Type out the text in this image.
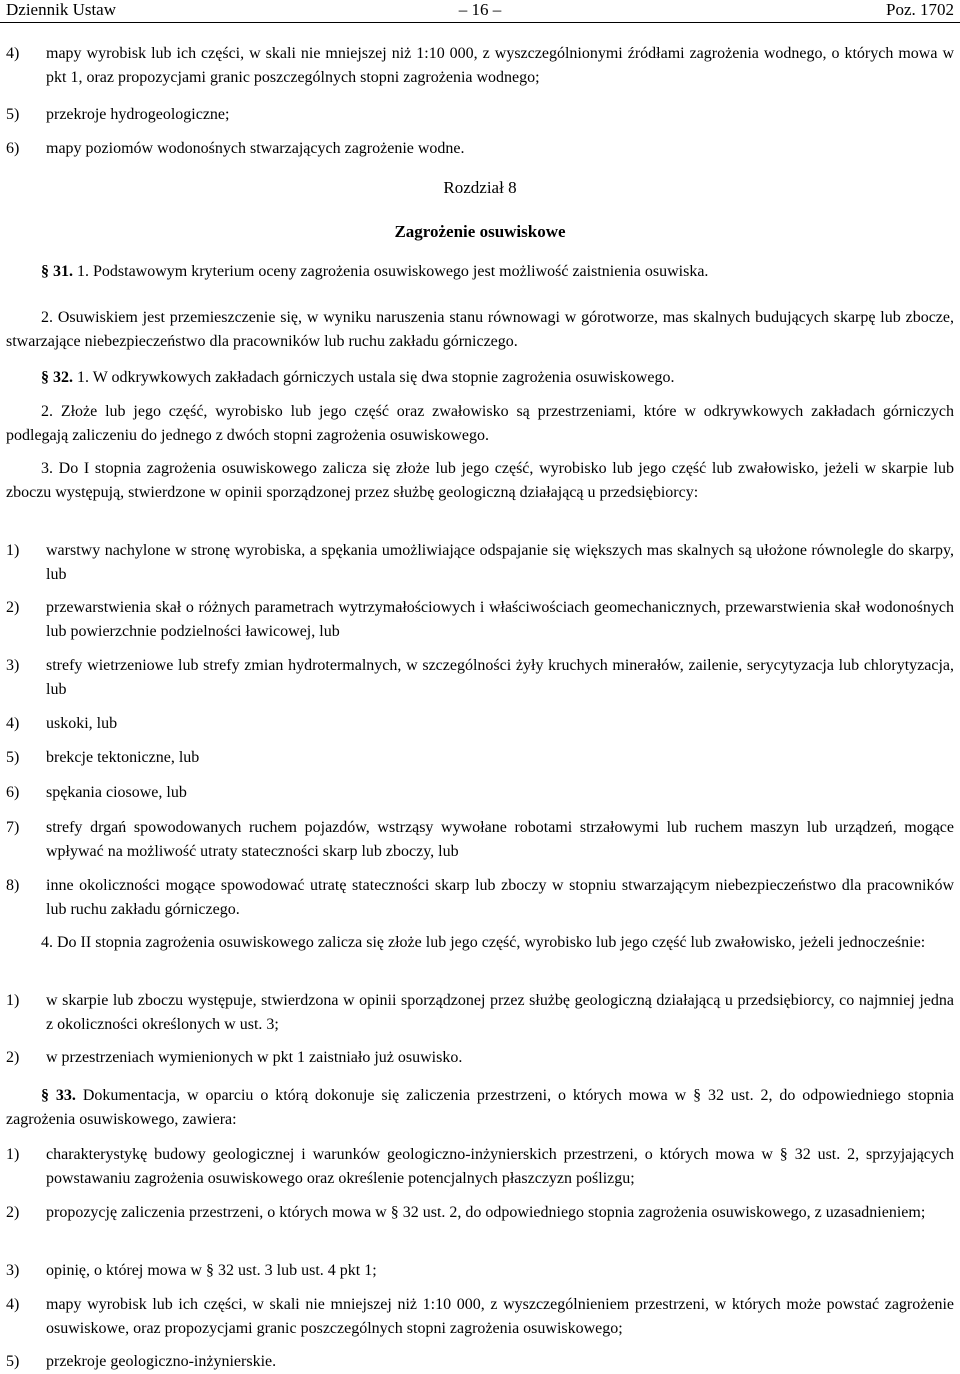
Dziennik Ustaw	– 16 –	Poz. 1702
4) mapy wyrobisk lub ich części, w skali nie mniejszej niż 1:10 000, z wyszczególnionymi źródłami zagrożenia wodnego, o których mowa w pkt 1, oraz propozycjami granic poszczególnych stopni zagrożenia wodnego;
5) przekroje hydrogeologiczne;
6) mapy poziomów wodonośnych stwarzających zagrożenie wodne.
Rozdział 8
Zagrożenie osuwiskowe

§ 31. 1. Podstawowym kryterium oceny zagrożenia osuwiskowego jest możliwość zaistnienia osuwiska.

2. Osuwiskiem jest przemieszczenie się, w wyniku naruszenia stanu równowagi w górotworze, mas skalnych budujących skarpę lub zbocze, stwarzające niebezpieczeństwo dla pracowników lub ruchu zakładu górniczego.

§ 32. 1. W odkrywkowych zakładach górniczych ustala się dwa stopnie zagrożenia osuwiskowego.

2. Złoże lub jego część, wyrobisko lub jego część oraz zwałowisko są przestrzeniami, które w odkrywkowych zakładach górniczych podlegają zaliczeniu do jednego z dwóch stopni zagrożenia osuwiskowego.

3. Do I stopnia zagrożenia osuwiskowego zalicza się złoże lub jego część, wyrobisko lub jego część lub zwałowisko, jeżeli w skarpie lub zboczu występują, stwierdzone w opinii sporządzonej przez służbę geologiczną działającą u przedsiębiorcy:

1) warstwy nachylone w stronę wyrobiska, a spękania umożliwiające odspajanie się większych mas skalnych są ułożone równolegle do skarpy, lub
2) przewarstwienia skał o różnych parametrach wytrzymałościowych i właściwościach geomechanicznych, przewarstwienia skał wodonośnych lub powierzchnie podzielności ławicowej, lub
3) strefy wietrzeniowe lub strefy zmian hydrotermalnych, w szczególności żyły kruchych minerałów, zailenie, serycytyzacja lub chlorytyzacja, lub
4) uskoki, lub
5) brekcje tektoniczne, lub
6) spękania ciosowe, lub
7) strefy drgań spowodowanych ruchem pojazdów, wstrząsy wywołane robotami strzałowymi lub ruchem maszyn lub urządzeń, mogące wpływać na możliwość utraty stateczności skarp lub zboczy, lub
8) inne okoliczności mogące spowodować utratę stateczności skarp lub zboczy w stopniu stwarzającym niebezpieczeństwo dla pracowników lub ruchu zakładu górniczego.

4. Do II stopnia zagrożenia osuwiskowego zalicza się złoże lub jego część, wyrobisko lub jego część lub zwałowisko, jeżeli jednocześnie:

1) w skarpie lub zboczu występuje, stwierdzona w opinii sporządzonej przez służbę geologiczną działającą u przedsiębiorcy, co najmniej jedna z okoliczności określonych w ust. 3;
2) w przestrzeniach wymienionych w pkt 1 zaistniało już osuwisko.

§ 33. Dokumentacja, w oparciu o którą dokonuje się zaliczenia przestrzeni, o których mowa w § 32 ust. 2, do odpowiedniego stopnia zagrożenia osuwiskowego, zawiera:

1) charakterystykę budowy geologicznej i warunków geologiczno-inżynierskich przestrzeni, o których mowa w § 32 ust. 2, sprzyjających powstawaniu zagrożenia osuwiskowego oraz określenie potencjalnych płaszczyzn poślizgu;
2) propozycję zaliczenia przestrzeni, o których mowa w § 32 ust. 2, do odpowiedniego stopnia zagrożenia osuwiskowego, z uzasadnieniem;
3) opinię, o której mowa w § 32 ust. 3 lub ust. 4 pkt 1;
4) mapy wyrobisk lub ich części, w skali nie mniejszej niż 1:10 000, z wyszczególnieniem przestrzeni, w których może powstać zagrożenie osuwiskowe, oraz propozycjami granic poszczególnych stopni zagrożenia osuwiskowego;
5) przekroje geologiczno-inżynierskie.
